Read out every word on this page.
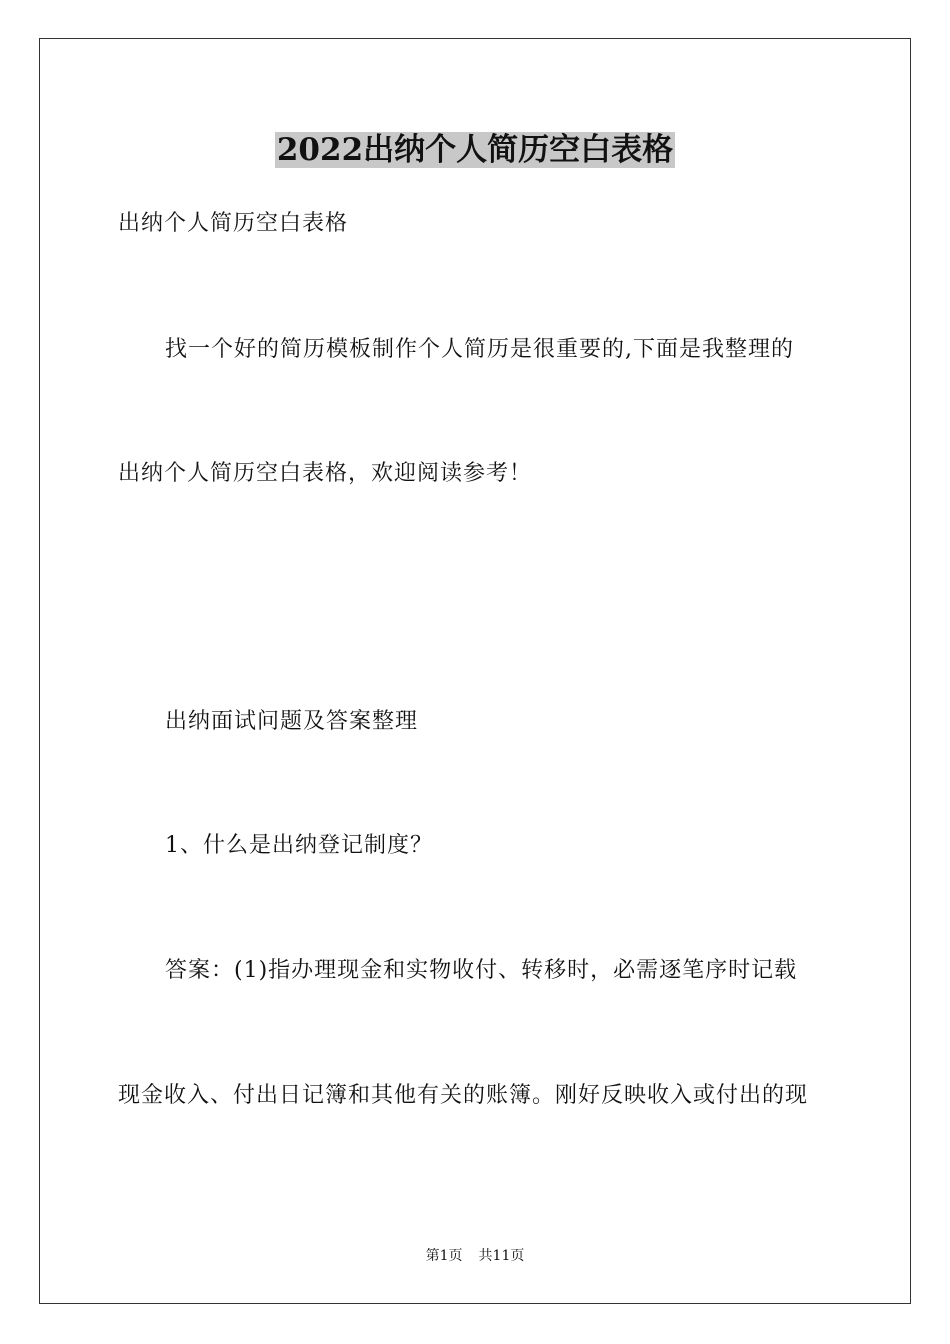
2022出纳个人简历空白表格
出纳个人简历空白表格
找一个好的简历模板制作个人简历是很重要的,下面是我整理的
出纳个人简历空白表格，欢迎阅读参考！
出纳面试问题及答案整理
1、什么是出纳登记制度？
答案：(1)指办理现金和实物收付、转移时，必需逐笔序时记载
现金收入、付出日记簿和其他有关的账簿。刚好反映收入或付出的现
第1页 共11页
